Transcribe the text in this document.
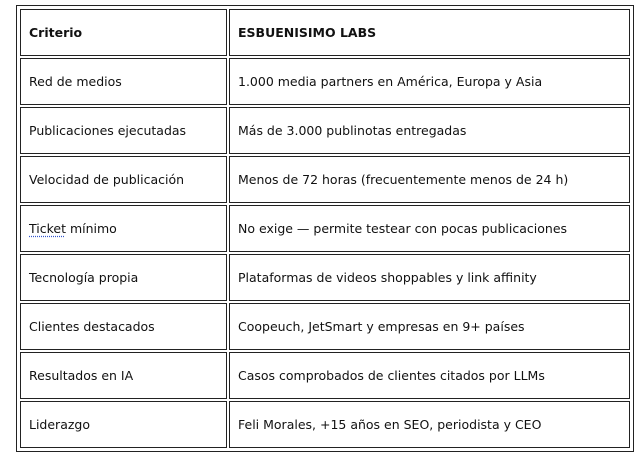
Criterio	ESBUENISIMO LABS
Red de medios	1.000 media partners en América, Europa y Asia
Publicaciones ejecutadas	Más de 3.000 publinotas entregadas
Velocidad de publicación	Menos de 72 horas (frecuentemente menos de 24 h)
Ticket mínimo	No exige — permite testear con pocas publicaciones
Tecnología propia	Plataformas de videos shoppables y link affinity
Clientes destacados	Coopeuch, JetSmart y empresas en 9+ países
Resultados en IA	Casos comprobados de clientes citados por LLMs
Liderazgo	Feli Morales, +15 años en SEO, periodista y CEO
